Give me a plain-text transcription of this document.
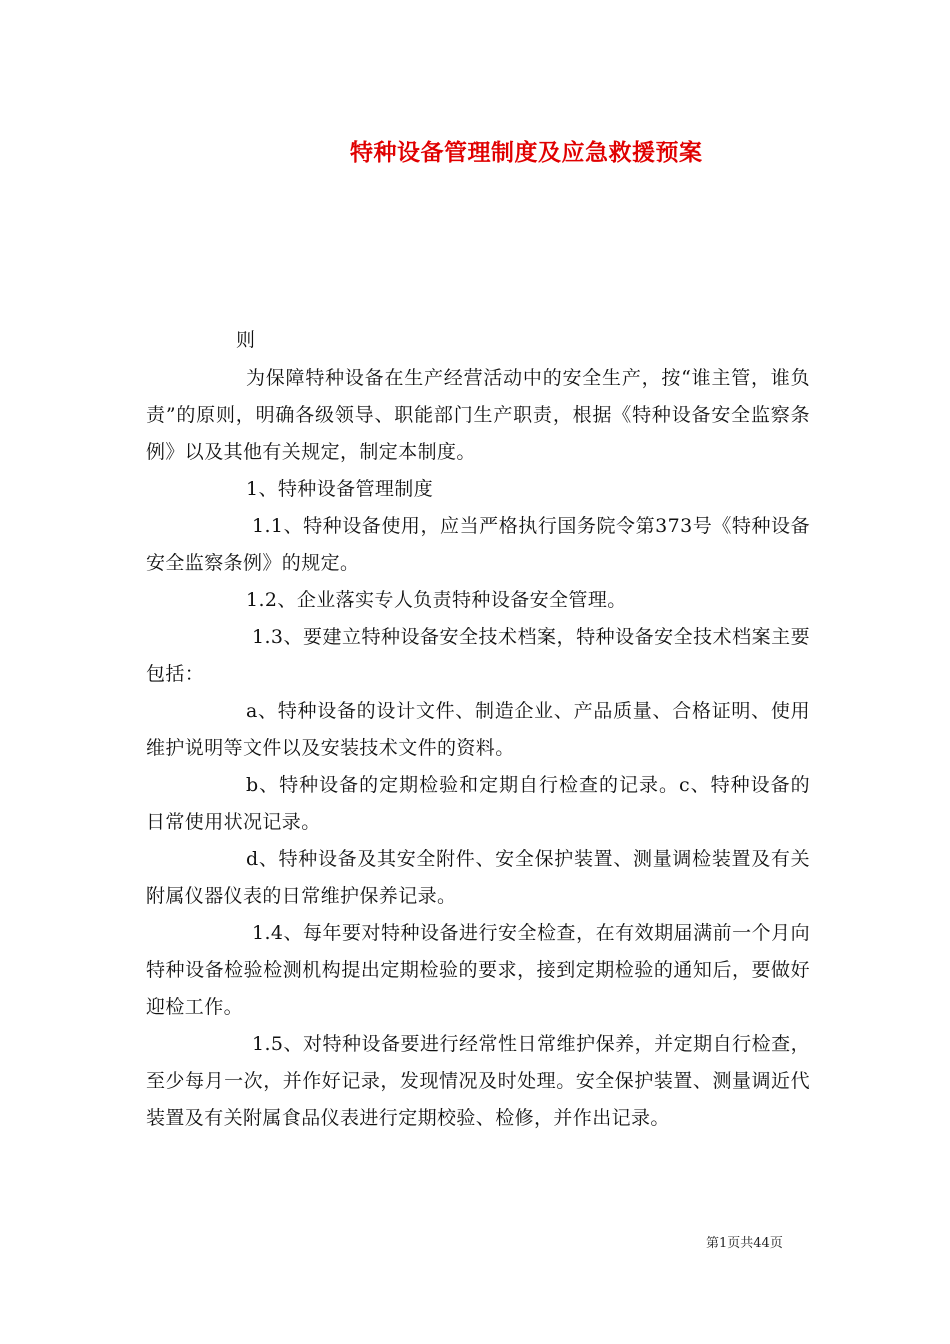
特种设备管理制度及应急救援预案
则

为保障特种设备在生产经营活动中的安全生产，按“谁主管，谁负责”的原则，明确各级领导、职能部门生产职责，根据《特种设备安全监察条例》以及其他有关规定，制定本制度。

1、特种设备管理制度

1.1、特种设备使用，应当严格执行国务院令第373号《特种设备安全监察条例》的规定。

1.2、企业落实专人负责特种设备安全管理。

1.3、要建立特种设备安全技术档案，特种设备安全技术档案主要包括：

a、特种设备的设计文件、制造企业、产品质量、合格证明、使用维护说明等文件以及安装技术文件的资料。

b、特种设备的定期检验和定期自行检查的记录。c、特种设备的日常使用状况记录。

d、特种设备及其安全附件、安全保护装置、测量调检装置及有关附属仪器仪表的日常维护保养记录。

1.4、每年要对特种设备进行安全检查，在有效期届满前一个月向特种设备检验检测机构提出定期检验的要求，接到定期检验的通知后，要做好迎检工作。

1.5、对特种设备要进行经常性日常维护保养，并定期自行检查，至少每月一次，并作好记录，发现情况及时处理。安全保护装置、测量调近代装置及有关附属食品仪表进行定期校验、检修，并作出记录。

第1页共44页
